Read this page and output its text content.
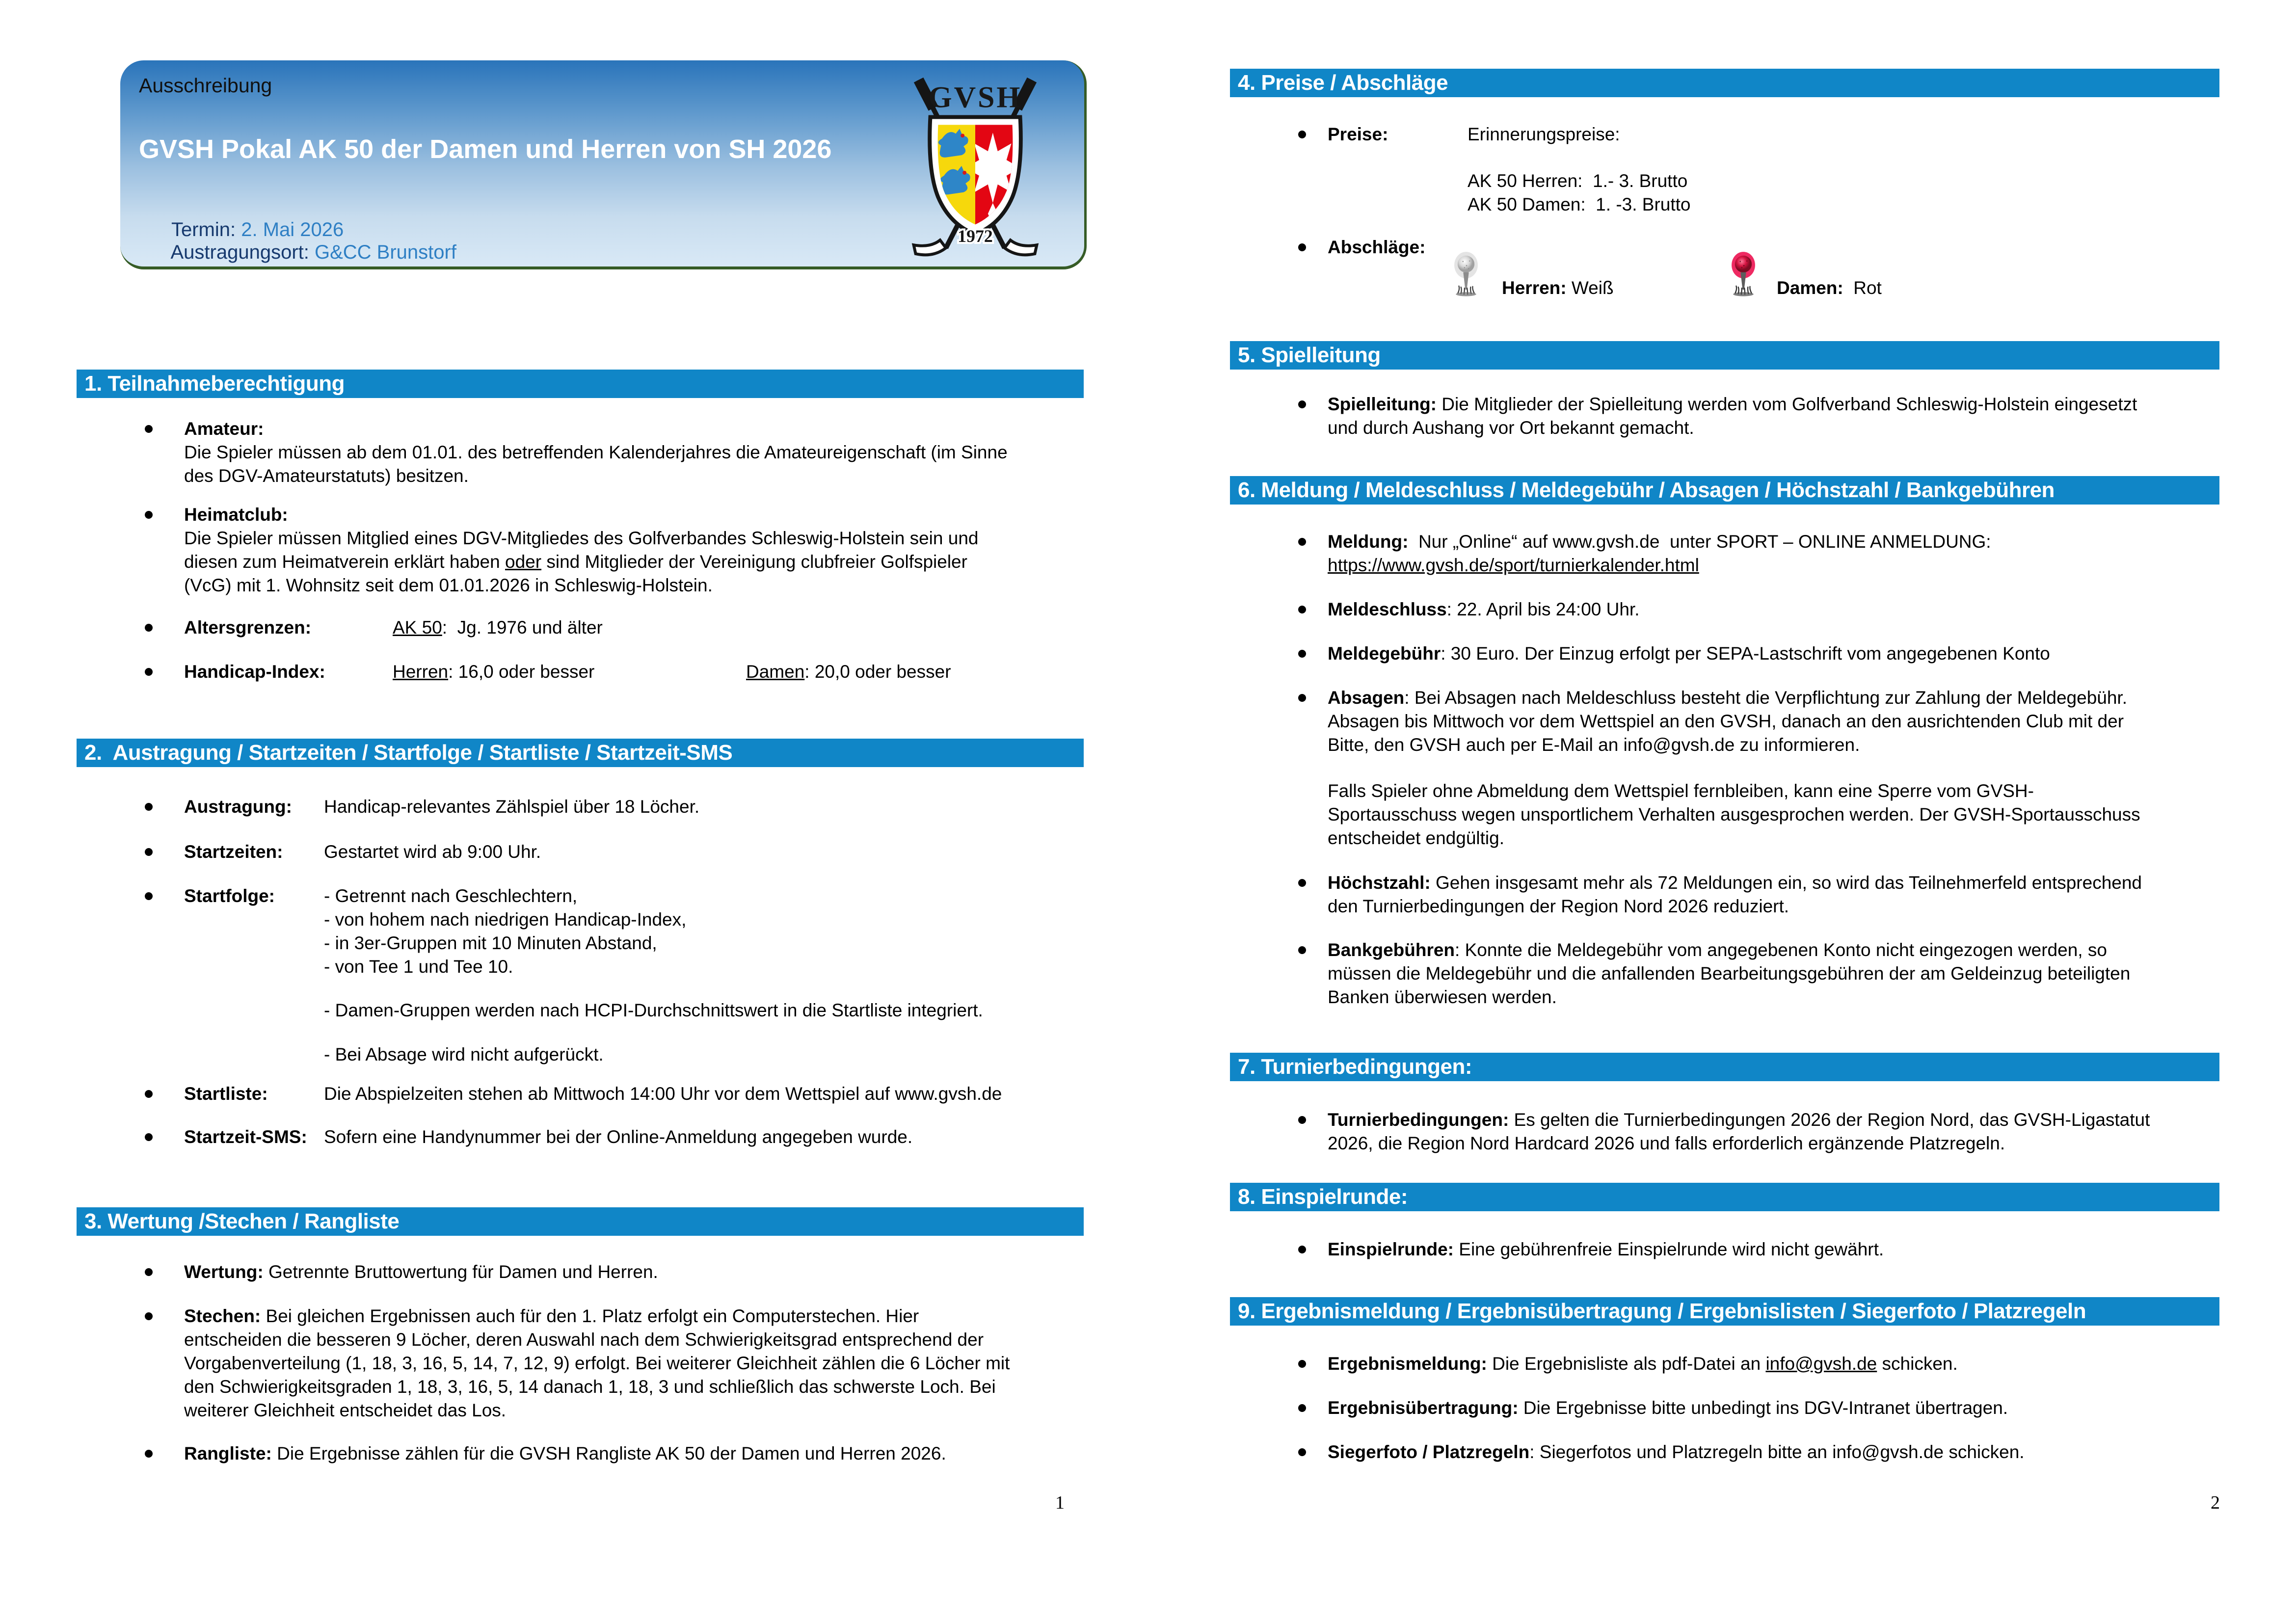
Ausschreibung
GVSH Pokal AK 50 der Damen und Herren von SH 2026

Termin: 2. Mai 2026

Austragungsort: G&CC Brunstorf

GVSH
1972
1. Teilnahmeberechtigung
Amateur:
Die Spieler müssen ab dem 01.01. des betreffenden Kalenderjahres die Amateureigenschaft (im Sinne
des DGV-Amateurstatuts) besitzen.
Heimatclub:
Die Spieler müssen Mitglied eines DGV-Mitgliedes des Golfverbandes Schleswig-Holstein sein und
diesen zum Heimatverein erklärt haben oder sind Mitglieder der Vereinigung clubfreier Golfspieler
(VcG) mit 1. Wohnsitz seit dem 01.01.2026 in Schleswig-Holstein.
Altersgrenzen:	AK 50:  Jg. 1976 und älter
Handicap-Index:	Herren: 16,0 oder besser	Damen: 20,0 oder besser
2.  Austragung / Startzeiten / Startfolge / Startliste / Startzeit-SMS
Austragung:	Handicap-relevantes Zählspiel über 18 Löcher.
Startzeiten:	Gestartet wird ab 9:00 Uhr.
Startfolge:	- Getrennt nach Geschlechtern,
- von hohem nach niedrigen Handicap-Index,
- in 3er-Gruppen mit 10 Minuten Abstand,
- von Tee 1 und Tee 10.
- Damen-Gruppen werden nach HCPI-Durchschnittswert in die Startliste integriert.
- Bei Absage wird nicht aufgerückt.
Startliste:	Die Abspielzeiten stehen ab Mittwoch 14:00 Uhr vor dem Wettspiel auf www.gvsh.de
Startzeit-SMS: Sofern eine Handynummer bei der Online-Anmeldung angegeben wurde.
3. Wertung /Stechen / Rangliste
Wertung: Getrennte Bruttowertung für Damen und Herren.
Stechen: Bei gleichen Ergebnissen auch für den 1. Platz erfolgt ein Computerstechen. Hier
entscheiden die besseren 9 Löcher, deren Auswahl nach dem Schwierigkeitsgrad entsprechend der
Vorgabenverteilung (1, 18, 3, 16, 5, 14, 7, 12, 9) erfolgt. Bei weiterer Gleichheit zählen die 6 Löcher mit
den Schwierigkeitsgraden 1, 18, 3, 16, 5, 14 danach 1, 18, 3 und schließlich das schwerste Loch. Bei
weiterer Gleichheit entscheidet das Los.
Rangliste: Die Ergebnisse zählen für die GVSH Rangliste AK 50 der Damen und Herren 2026.
1
4. Preise / Abschläge
Preise:	Erinnerungspreise:
AK 50 Herren:  1.- 3. Brutto
AK 50 Damen:  1. -3. Brutto
Abschläge:
Herren: Weiß	Damen:  Rot
5. Spielleitung
Spielleitung: Die Mitglieder der Spielleitung werden vom Golfverband Schleswig-Holstein eingesetzt
und durch Aushang vor Ort bekannt gemacht.
6. Meldung / Meldeschluss / Meldegebühr / Absagen / Höchstzahl / Bankgebühren
Meldung:  Nur „Online“ auf www.gvsh.de  unter SPORT – ONLINE ANMELDUNG:
https://www.gvsh.de/sport/turnierkalender.html
Meldeschluss: 22. April bis 24:00 Uhr.
Meldegebühr: 30 Euro. Der Einzug erfolgt per SEPA-Lastschrift vom angegebenen Konto
Absagen: Bei Absagen nach Meldeschluss besteht die Verpflichtung zur Zahlung der Meldegebühr.
Absagen bis Mittwoch vor dem Wettspiel an den GVSH, danach an den ausrichtenden Club mit der
Bitte, den GVSH auch per E-Mail an info@gvsh.de zu informieren.
Falls Spieler ohne Abmeldung dem Wettspiel fernbleiben, kann eine Sperre vom GVSH-
Sportausschuss wegen unsportlichem Verhalten ausgesprochen werden. Der GVSH-Sportausschuss
entscheidet endgültig.
Höchstzahl: Gehen insgesamt mehr als 72 Meldungen ein, so wird das Teilnehmerfeld entsprechend
den Turnierbedingungen der Region Nord 2026 reduziert.
Bankgebühren: Konnte die Meldegebühr vom angegebenen Konto nicht eingezogen werden, so
müssen die Meldegebühr und die anfallenden Bearbeitungsgebühren der am Geldeinzug beteiligten
Banken überwiesen werden.
7. Turnierbedingungen:
Turnierbedingungen: Es gelten die Turnierbedingungen 2026 der Region Nord, das GVSH-Ligastatut
2026, die Region Nord Hardcard 2026 und falls erforderlich ergänzende Platzregeln.
8. Einspielrunde:
Einspielrunde: Eine gebührenfreie Einspielrunde wird nicht gewährt.
9. Ergebnismeldung / Ergebnisübertragung / Ergebnislisten / Siegerfoto / Platzregeln
Ergebnismeldung: Die Ergebnisliste als pdf-Datei an info@gvsh.de schicken.
Ergebnisübertragung: Die Ergebnisse bitte unbedingt ins DGV-Intranet übertragen.
Siegerfoto / Platzregeln: Siegerfotos und Platzregeln bitte an info@gvsh.de schicken.
2
